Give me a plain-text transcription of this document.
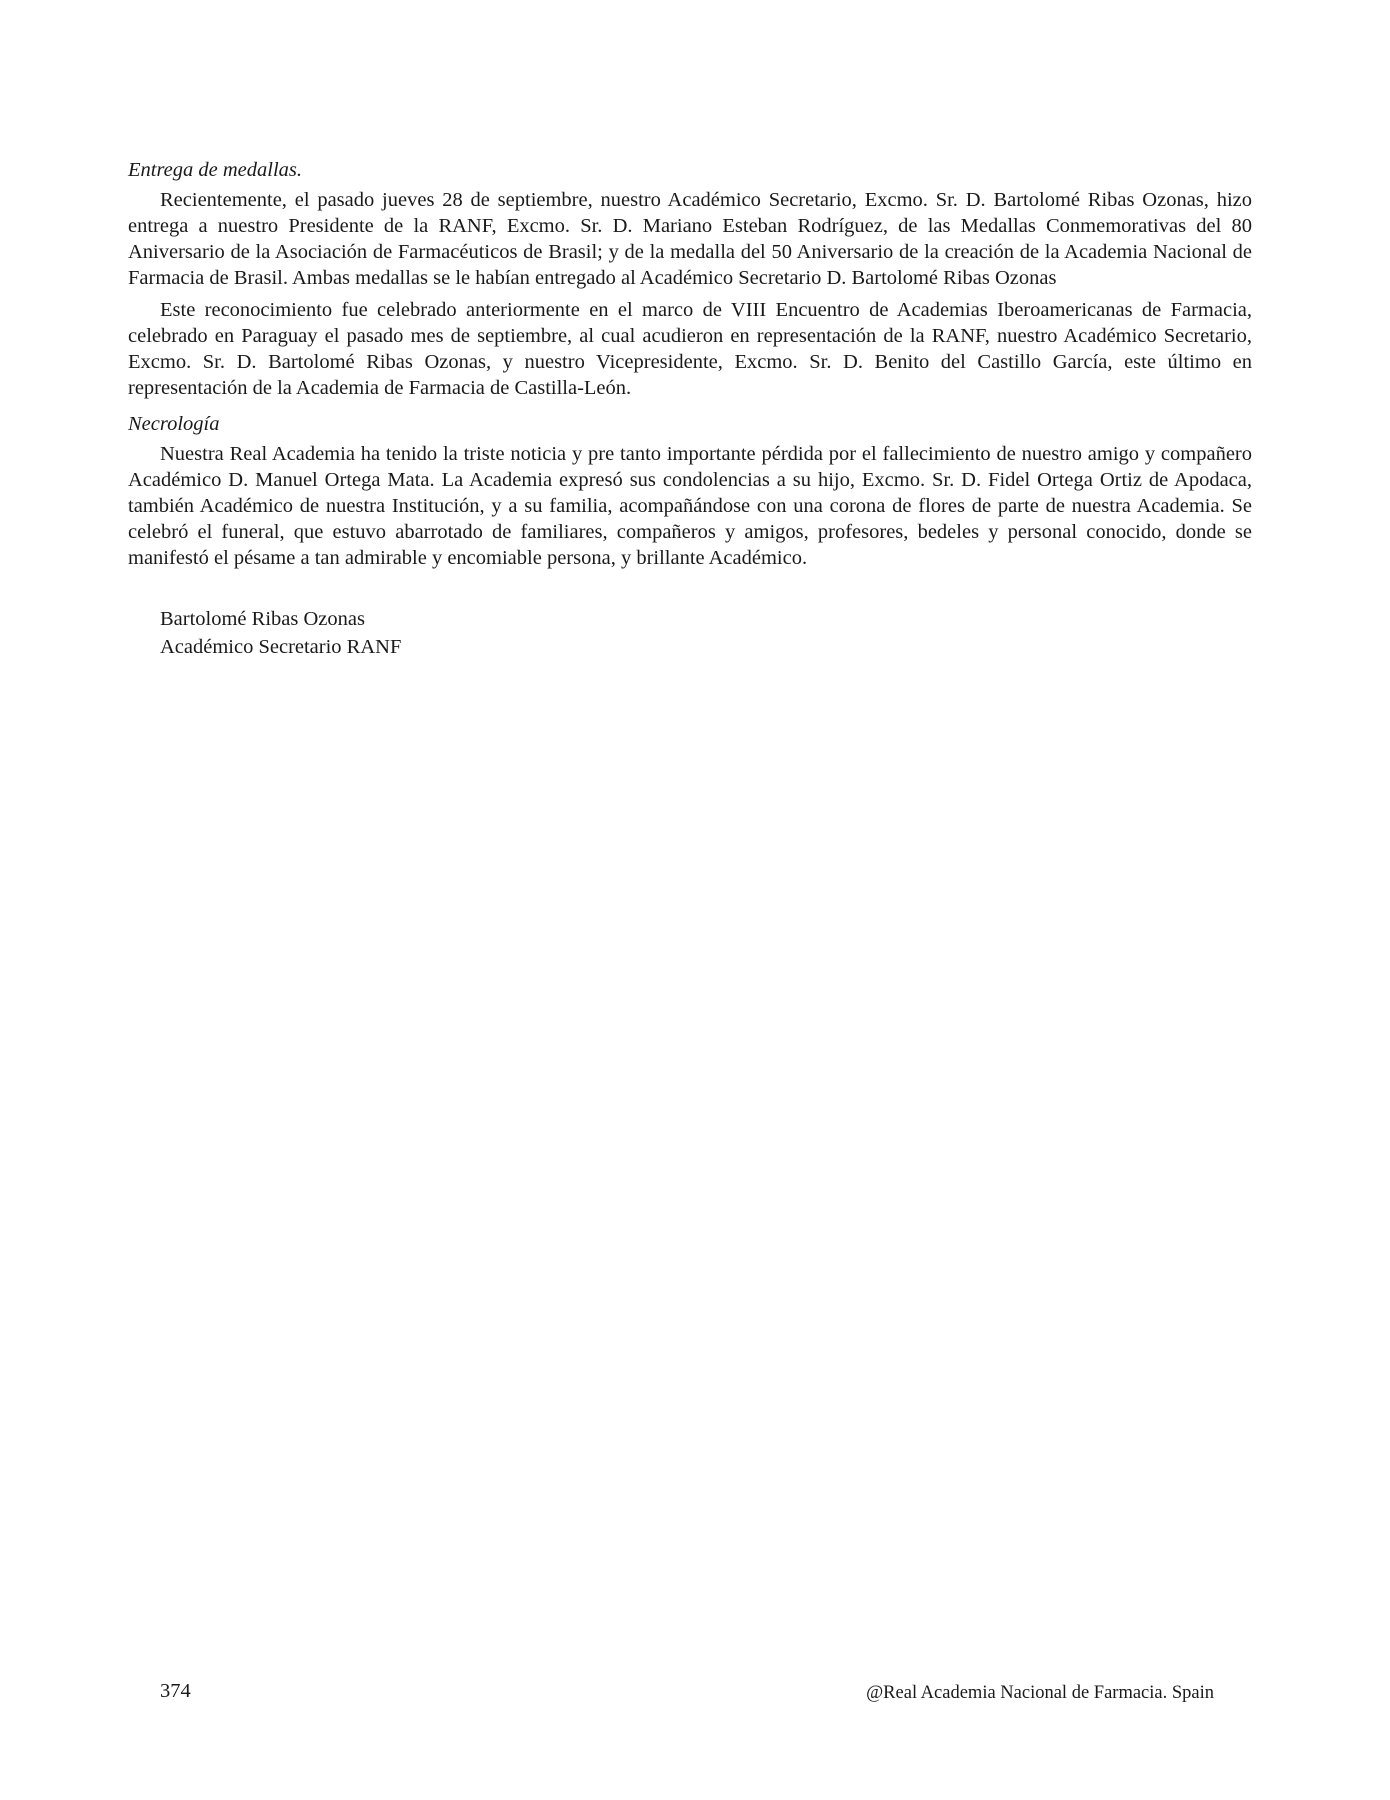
Entrega de medallas.

Recientemente, el pasado jueves 28 de septiembre, nuestro Académico Secretario, Excmo. Sr. D. Bartolomé Ribas Ozonas, hizo entrega a nuestro Presidente de la RANF, Excmo. Sr. D. Mariano Esteban Rodríguez, de las Medallas Conmemorativas del 80 Aniversario de la Asociación de Farmacéuticos de Brasil; y de la medalla del 50 Aniversario de la creación de la Academia Nacional de Farmacia de Brasil. Ambas medallas se le habían entregado al Académico Secretario D. Bartolomé Ribas Ozonas

Este reconocimiento fue celebrado anteriormente en el marco de VIII Encuentro de Academias Iberoamericanas de Farmacia, celebrado en Paraguay el pasado mes de septiembre, al cual acudieron en representación de la RANF, nuestro Académico Secretario, Excmo. Sr. D. Bartolomé Ribas Ozonas, y nuestro Vicepresidente, Excmo. Sr. D. Benito del Castillo García, este último en representación de la Academia de Farmacia de Castilla-León.

Necrología

Nuestra Real Academia ha tenido la triste noticia y pre tanto importante pérdida por el fallecimiento de nuestro amigo y compañero Académico D. Manuel Ortega Mata. La Academia expresó sus condolencias a su hijo, Excmo. Sr. D. Fidel Ortega Ortiz de Apodaca, también Académico de nuestra Institución, y a su familia, acompañándose con una corona de flores de parte de nuestra Academia. Se celebró el funeral, que estuvo abarrotado de familiares, compañeros y amigos, profesores, bedeles y personal conocido, donde se manifestó el pésame a tan admirable y encomiable persona, y brillante Académico.

Bartolomé Ribas Ozonas
Académico Secretario RANF
374	@Real Academia Nacional de Farmacia. Spain
